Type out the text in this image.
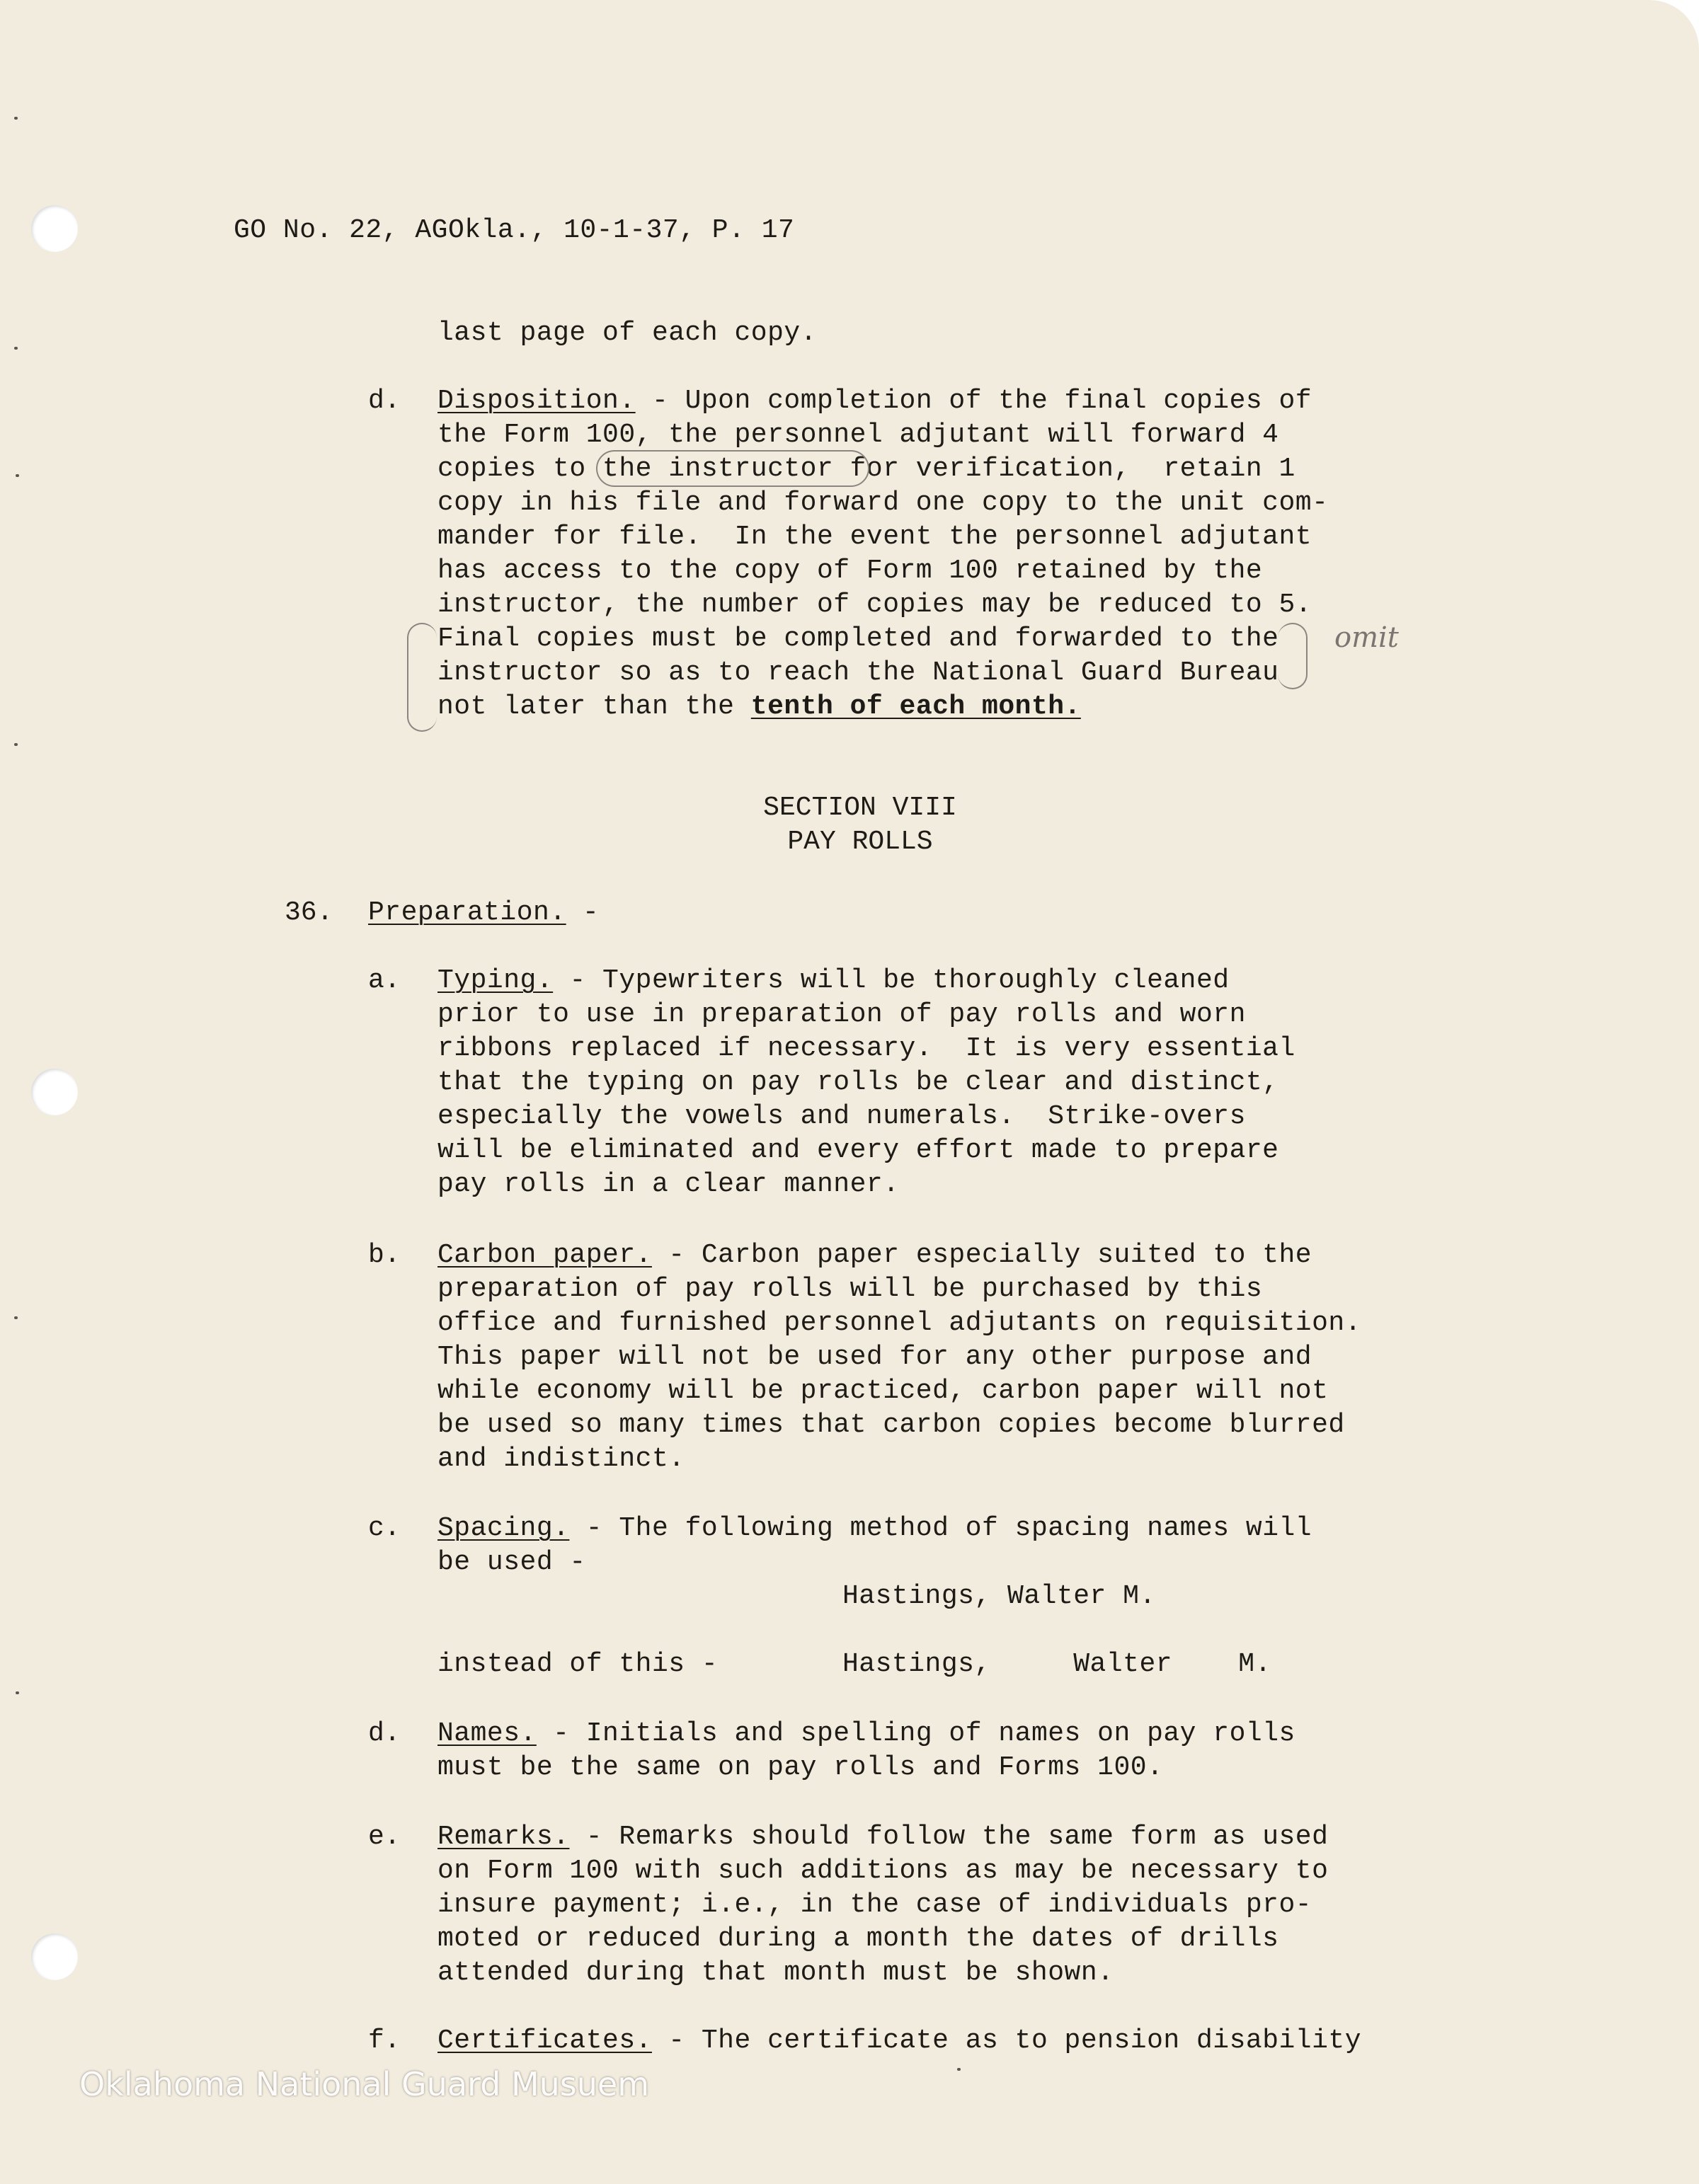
GO No. 22, AGOkla., 10-1-37, P. 17
last page of each copy.
d. Disposition. - Upon completion of the final copies of
the Form 100, the personnel adjutant will forward 4
copies to the instructor for verification,  retain 1
copy in his file and forward one copy to the unit com-
mander for file.  In the event the personnel adjutant
has access to the copy of Form 100 retained by the
instructor, the number of copies may be reduced to 5.
Final copies must be completed and forwarded to the
instructor so as to reach the National Guard Bureau
not later than the tenth of each month.
omit
SECTION VIII
PAY ROLLS
36. Preparation. -
a. Typing. - Typewriters will be thoroughly cleaned
prior to use in preparation of pay rolls and worn
ribbons replaced if necessary.  It is very essential
that the typing on pay rolls be clear and distinct,
especially the vowels and numerals.  Strike-overs
will be eliminated and every effort made to prepare
pay rolls in a clear manner.
b. Carbon paper. - Carbon paper especially suited to the
preparation of pay rolls will be purchased by this
office and furnished personnel adjutants on requisition.
This paper will not be used for any other purpose and
while economy will be practiced, carbon paper will not
be used so many times that carbon copies become blurred
and indistinct.
c. Spacing. - The following method of spacing names will
be used -
Hastings, Walter M.
instead of this -	Hastings,     Walter    M.
d. Names. - Initials and spelling of names on pay rolls
must be the same on pay rolls and Forms 100.
e. Remarks. - Remarks should follow the same form as used
on Form 100 with such additions as may be necessary to
insure payment; i.e., in the case of individuals pro-
moted or reduced during a month the dates of drills
attended during that month must be shown.
f. Certificates. - The certificate as to pension disability
Oklahoma National Guard Musuem
